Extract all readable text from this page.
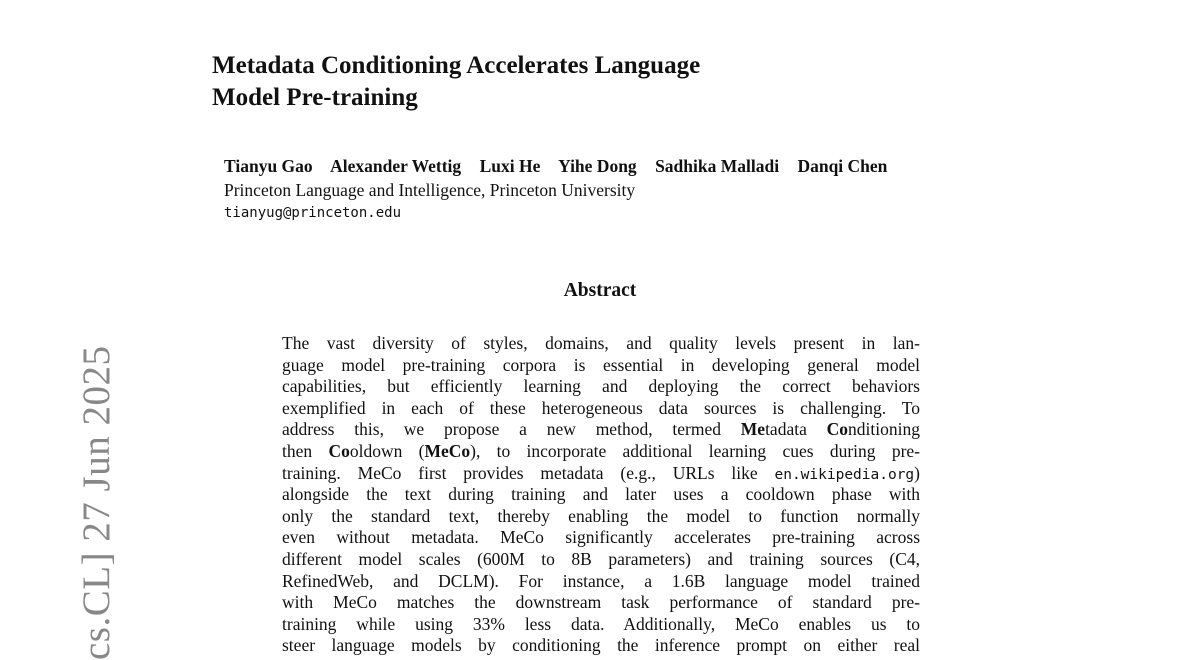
cs.CL] 27 Jun 2025
Metadata Conditioning Accelerates Language
Model Pre-training
Tianyu Gao Alexander Wettig Luxi He Yihe Dong Sadhika Malladi Danqi Chen
Princeton Language and Intelligence, Princeton University
tianyug@princeton.edu
Abstract
The vast diversity of styles, domains, and quality levels present in lan-
guage model pre-training corpora is essential in developing general model
capabilities, but efficiently learning and deploying the correct behaviors
exemplified in each of these heterogeneous data sources is challenging. To
address this, we propose a new method, termed Metadata Conditioning
then Cooldown (MeCo), to incorporate additional learning cues during pre-
training. MeCo first provides metadata (e.g., URLs like en.wikipedia.org)
alongside the text during training and later uses a cooldown phase with
only the standard text, thereby enabling the model to function normally
even without metadata. MeCo significantly accelerates pre-training across
different model scales (600M to 8B parameters) and training sources (C4,
RefinedWeb, and DCLM). For instance, a 1.6B language model trained
with MeCo matches the downstream task performance of standard pre-
training while using 33% less data. Additionally, MeCo enables us to
steer language models by conditioning the inference prompt on either real
